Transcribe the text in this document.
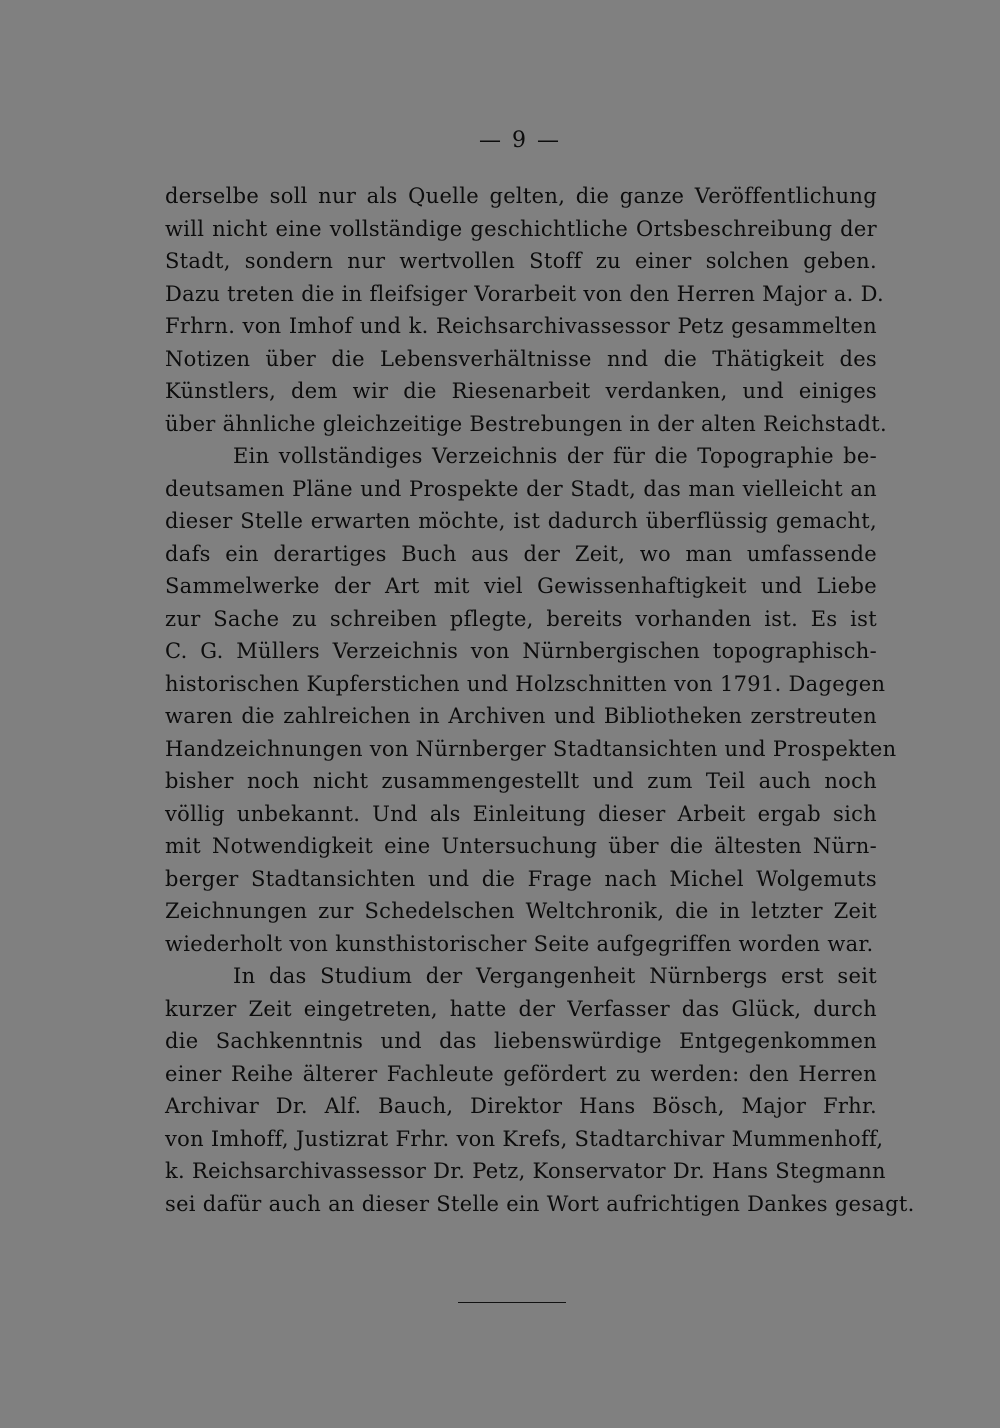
— 9 —
derselbe soll nur als Quelle gelten, die ganze Veröffentlichung
will nicht eine vollständige geschichtliche Ortsbeschreibung der
Stadt, sondern nur wertvollen Stoff zu einer solchen geben.
Dazu treten die in fleifsiger Vorarbeit von den Herren Major a. D.
Frhrn. von Imhof und k. Reichsarchivassessor Petz gesammelten
Notizen über die Lebensverhältnisse nnd die Thätigkeit des
Künstlers, dem wir die Riesenarbeit verdanken, und einiges
über ähnliche gleichzeitige Bestrebungen in der alten Reichstadt.
Ein vollständiges Verzeichnis der für die Topographie be-
deutsamen Pläne und Prospekte der Stadt, das man vielleicht an
dieser Stelle erwarten möchte, ist dadurch überflüssig gemacht,
dafs ein derartiges Buch aus der Zeit, wo man umfassende
Sammelwerke der Art mit viel Gewissenhaftigkeit und Liebe
zur Sache zu schreiben pflegte, bereits vorhanden ist. Es ist
C. G. Müllers Verzeichnis von Nürnbergischen topographisch-
historischen Kupferstichen und Holzschnitten von 1791. Dagegen
waren die zahlreichen in Archiven und Bibliotheken zerstreuten
Handzeichnungen von Nürnberger Stadtansichten und Prospekten
bisher noch nicht zusammengestellt und zum Teil auch noch
völlig unbekannt. Und als Einleitung dieser Arbeit ergab sich
mit Notwendigkeit eine Untersuchung über die ältesten Nürn-
berger Stadtansichten und die Frage nach Michel Wolgemuts
Zeichnungen zur Schedelschen Weltchronik, die in letzter Zeit
wiederholt von kunsthistorischer Seite aufgegriffen worden war.
In das Studium der Vergangenheit Nürnbergs erst seit
kurzer Zeit eingetreten, hatte der Verfasser das Glück, durch
die Sachkenntnis und das liebenswürdige Entgegenkommen
einer Reihe älterer Fachleute gefördert zu werden: den Herren
Archivar Dr. Alf. Bauch, Direktor Hans Bösch, Major Frhr.
von Imhoff, Justizrat Frhr. von Krefs, Stadtarchivar Mummenhoff,
k. Reichsarchivassessor Dr. Petz, Konservator Dr. Hans Stegmann
sei dafür auch an dieser Stelle ein Wort aufrichtigen Dankes gesagt.
